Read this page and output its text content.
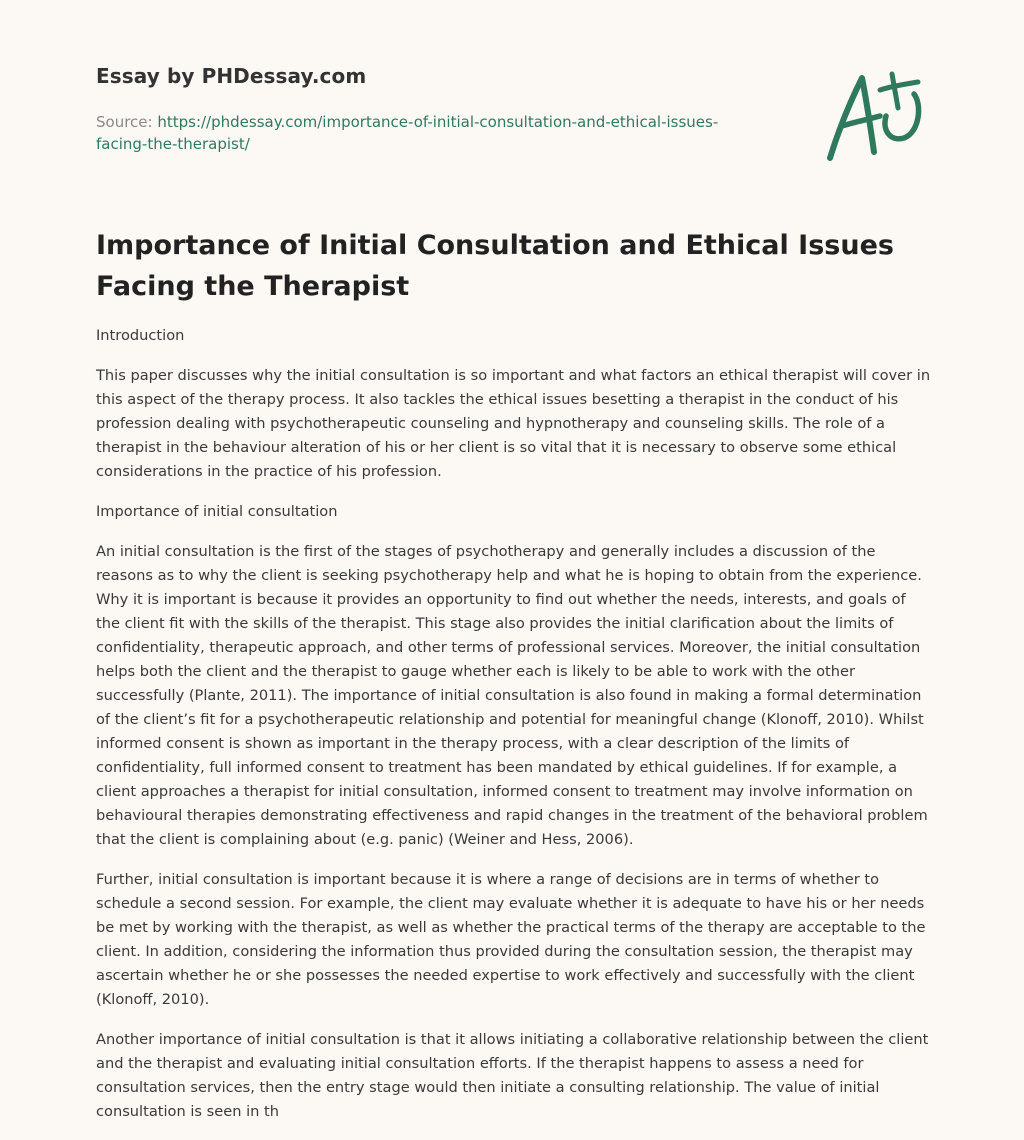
Essay by PHDessay.com
Source: https://phdessay.com/importance-of-initial-consultation-and-ethical-issues-facing-the-therapist/
Importance of Initial Consultation and Ethical Issues Facing the Therapist

Introduction

This paper discusses why the initial consultation is so important and what factors an ethical therapist will cover in this aspect of the therapy process. It also tackles the ethical issues besetting a therapist in the conduct of his profession dealing with psychotherapeutic counseling and hypnotherapy and counseling skills. The role of a therapist in the behaviour alteration of his or her client is so vital that it is necessary to observe some ethical considerations in the practice of his profession.

Importance of initial consultation

An initial consultation is the first of the stages of psychotherapy and generally includes a discussion of the reasons as to why the client is seeking psychotherapy help and what he is hoping to obtain from the experience. Why it is important is because it provides an opportunity to find out whether the needs, interests, and goals of the client fit with the skills of the therapist. This stage also provides the initial clarification about the limits of confidentiality, therapeutic approach, and other terms of professional services. Moreover, the initial consultation helps both the client and the therapist to gauge whether each is likely to be able to work with the other successfully (Plante, 2011). The importance of initial consultation is also found in making a formal determination of the client’s fit for a psychotherapeutic relationship and potential for meaningful change (Klonoff, 2010). Whilst informed consent is shown as important in the therapy process, with a clear description of the limits of confidentiality, full informed consent to treatment has been mandated by ethical guidelines. If for example, a client approaches a therapist for initial consultation, informed consent to treatment may involve information on behavioural therapies demonstrating effectiveness and rapid changes in the treatment of the behavioral problem that the client is complaining about (e.g. panic) (Weiner and Hess, 2006).

Further, initial consultation is important because it is where a range of decisions are in terms of whether to schedule a second session. For example, the client may evaluate whether it is adequate to have his or her needs be met by working with the therapist, as well as whether the practical terms of the therapy are acceptable to the client. In addition, considering the information thus provided during the consultation session, the therapist may ascertain whether he or she possesses the needed expertise to work effectively and successfully with the client (Klonoff, 2010).

Another importance of initial consultation is that it allows initiating a collaborative relationship between the client and the therapist and evaluating initial consultation efforts. If the therapist happens to assess a need for consultation services, then the entry stage would then initiate a consulting relationship. The value of initial consultation is seen in th
